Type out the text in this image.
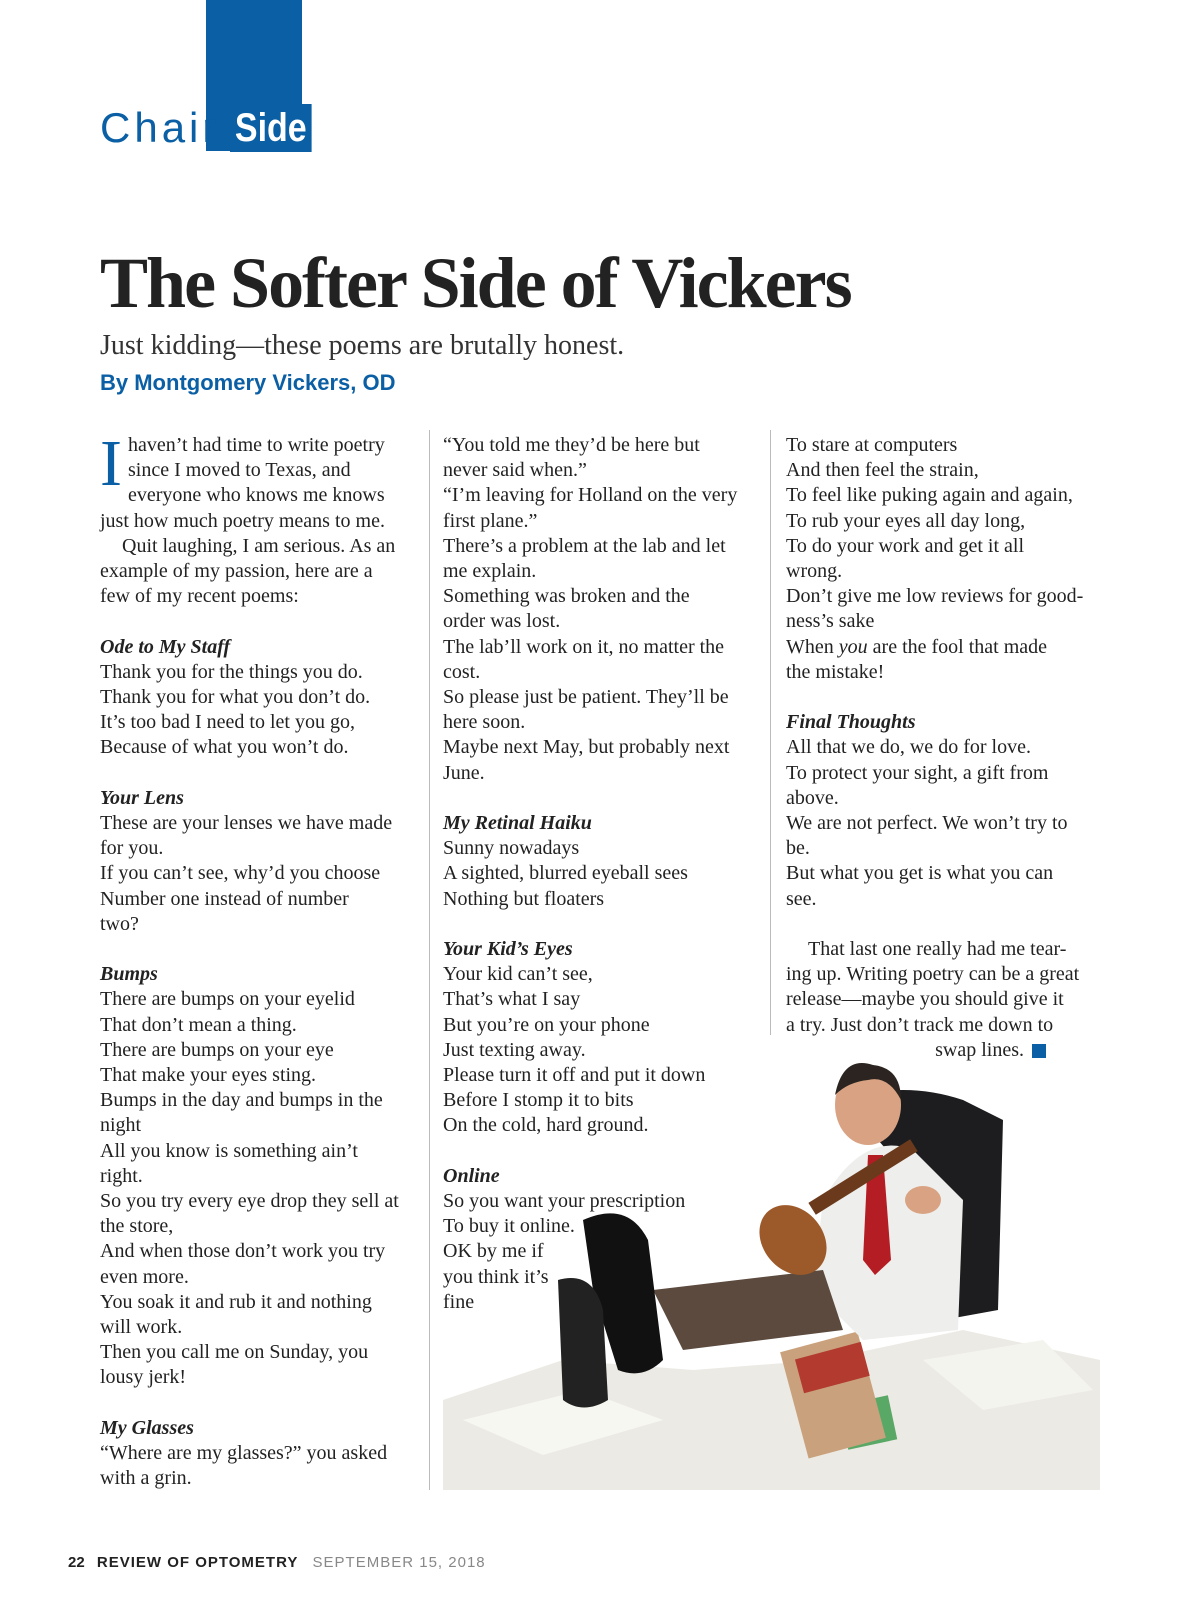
Chair Side
The Softer Side of Vickers

Just kidding—these poems are brutally honest.

By Montgomery Vickers, OD

I haven’t had time to write poetry
since I moved to Texas, and
everyone who knows me knows
just how much poetry means to me.
Quit laughing, I am serious. As an
example of my passion, here are a
few of my recent poems:
Ode to My Staff
Thank you for the things you do.
Thank you for what you don’t do.
It’s too bad I need to let you go,
Because of what you won’t do.
Your Lens
These are your lenses we have made
for you.
If you can’t see, why’d you choose
Number one instead of number
two?
Bumps
There are bumps on your eyelid
That don’t mean a thing.
There are bumps on your eye
That make your eyes sting.
Bumps in the day and bumps in the
night
All you know is something ain’t
right.
So you try every eye drop they sell at
the store,
And when those don’t work you try
even more.
You soak it and rub it and nothing
will work.
Then you call me on Sunday, you
lousy jerk!
My Glasses
“Where are my glasses?” you asked
with a grin.
“You told me they’d be here but
never said when.”
“I’m leaving for Holland on the very
first plane.”
There’s a problem at the lab and let
me explain.
Something was broken and the
order was lost.
The lab’ll work on it, no matter the
cost.
So please just be patient. They’ll be
here soon.
Maybe next May, but probably next
June.
My Retinal Haiku
Sunny nowadays
A sighted, blurred eyeball sees
Nothing but floaters
Your Kid’s Eyes
Your kid can’t see,
That’s what I say
But you’re on your phone
Just texting away.
Please turn it off and put it down
Before I stomp it to bits
On the cold, hard ground.
Online
So you want your prescription
To buy it online.
OK by me if
you think it’s
fine
To stare at computers
And then feel the strain,
To feel like puking again and again,
To rub your eyes all day long,
To do your work and get it all
wrong.
Don’t give me low reviews for good-
ness’s sake
When you are the fool that made
the mistake!
Final Thoughts
All that we do, we do for love.
To protect your sight, a gift from
above.
We are not perfect. We won’t try to
be.
But what you get is what you can
see.
That last one really had me tear-
ing up. Writing poetry can be a great
release—maybe you should give it
a try. Just don’t track me down to
swap lines.
22 REVIEW OF OPTOMETRY SEPTEMBER 15, 2018
